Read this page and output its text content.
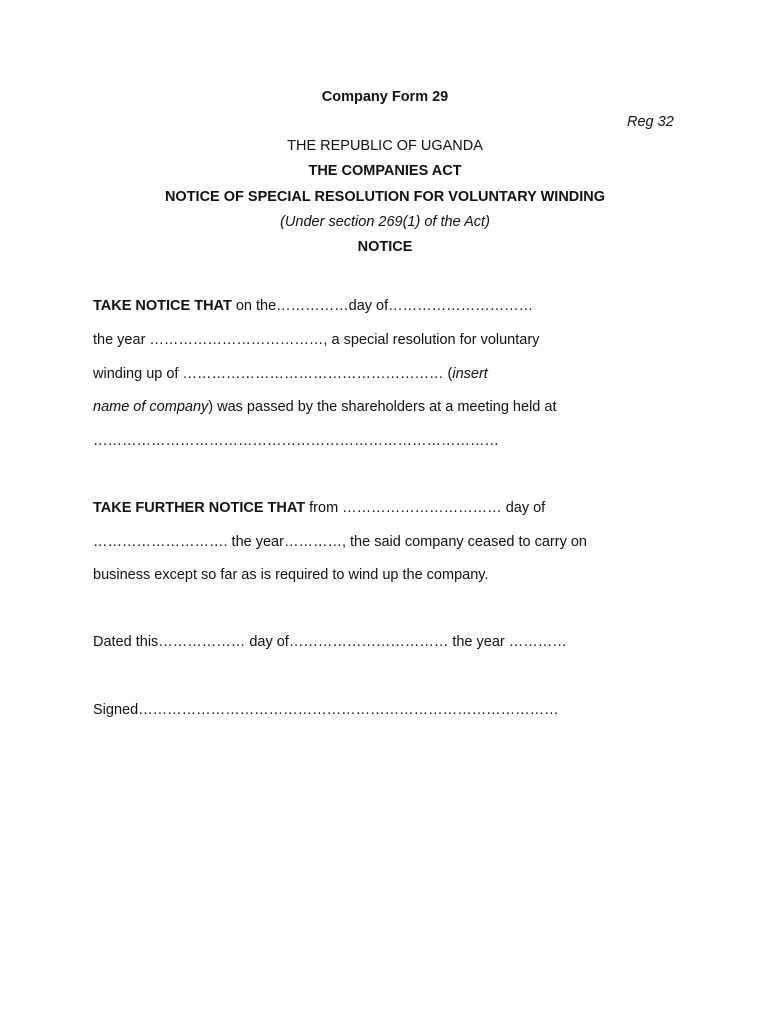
Company Form 29
Reg 32
THE REPUBLIC OF UGANDA
THE COMPANIES ACT
NOTICE OF SPECIAL RESOLUTION FOR VOLUNTARY WINDING
(Under section 269(1) of the Act)
NOTICE
TAKE NOTICE THAT on the……………day of…………………………
the year ………………………………, a special resolution for voluntary
winding up of ……………………………………………… (insert
name of company) was passed by the shareholders at a meeting held at
…………………………………………………………………………
TAKE FURTHER NOTICE THAT from …………………………… day of
………………………. the year…………, the said company ceased to carry on
business except so far as is required to wind up the company.
Dated this……………… day of…………………………… the year …………
Signed……………………………………………………………………………
